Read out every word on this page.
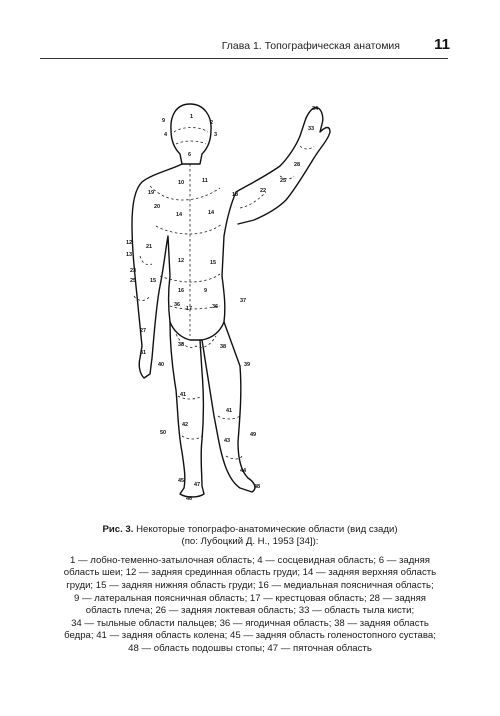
Глава 1. Топографическая анатомия 11
1
2
9
4	3
6
10	11
19
20
14	14
18
22
25
28
34
33
12
21
13
23
25	15
12	15
16	9
17
36	36
37
27
31
38	38
40	39
41
41
50
42
49
43
45
47
46
44
48
Рис. 3. Некоторые топографо-анатомические области (вид сзади)
(по: Лубоцкий Д. Н., 1953 [34]):
1 — лобно-теменно-затылочная область; 4 — сосцевидная область; 6 — задняя
область шеи; 12 — задняя срединная область груди; 14 — задняя верхняя область
груди; 15 — задняя нижняя область груди; 16 — медиальная поясничная область;
9 — латеральная поясничная область; 17 — крестцовая область; 28 — задняя
область плеча; 26 — задняя локтевая область; 33 — область тыла кисти;
34 — тыльные области пальцев; 36 — ягодичная область; 38 — задняя область
бедра; 41 — задняя область колена; 45 — задняя область голеностопного сустава;
48 — область подошвы стопы; 47 — пяточная область
